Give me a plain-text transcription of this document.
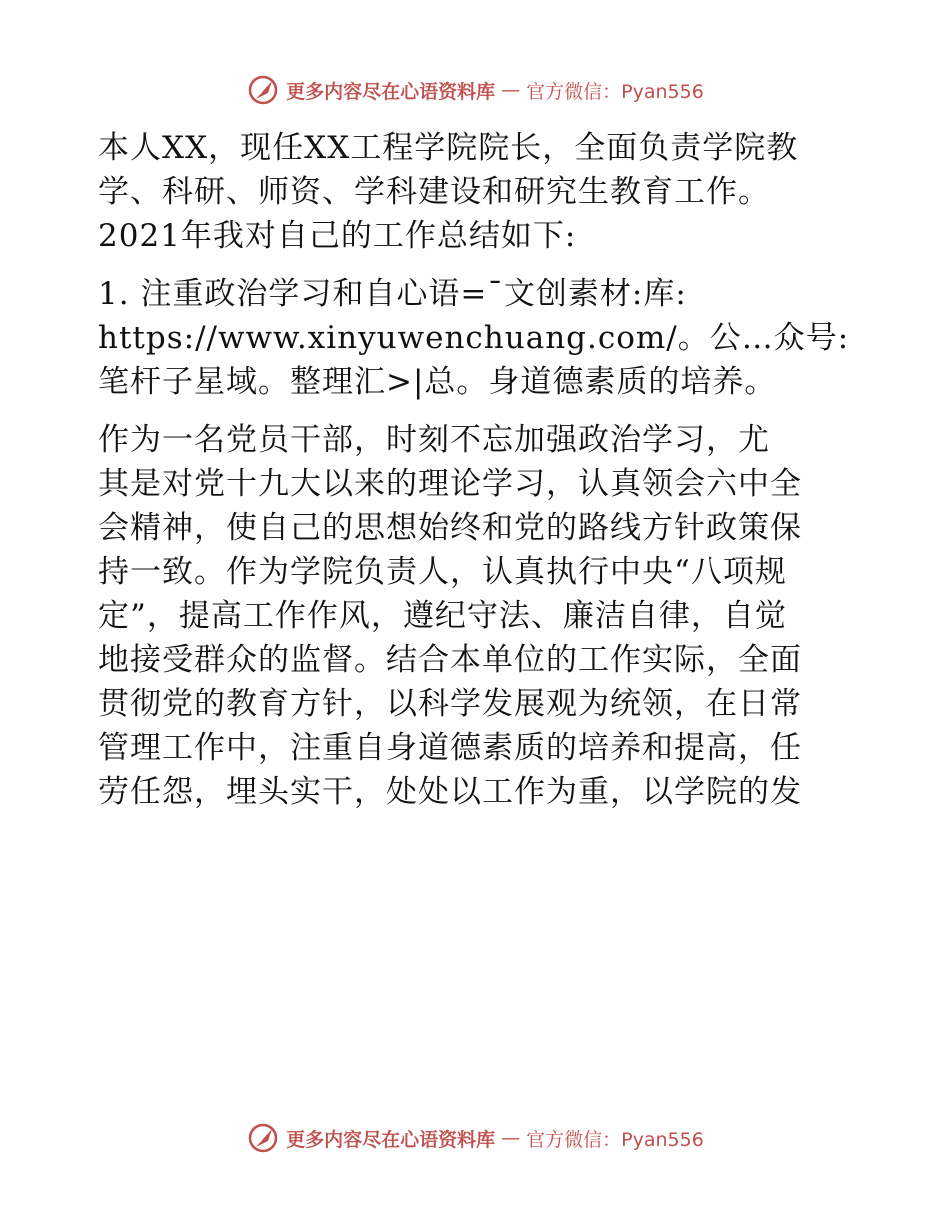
更多内容尽在心语资料库 — 官方微信：Pyan556
本人XX，现任XX工程学院院长，全面负责学院教
学、科研、师资、学科建设和研究生教育工作。
2021年我对自己的工作总结如下:
1. 注重政治学习和自心语=¯文创素材:库:
https://www.xinyuwenchuang.com/。公…众号:
笔杆子星域。整理汇>|总。身道德素质的培养。
作为一名党员干部，时刻不忘加强政治学习，尤
其是对党十九大以来的理论学习，认真领会六中全
会精神，使自己的思想始终和党的路线方针政策保
持一致。作为学院负责人，认真执行中央“八项规
定”，提高工作作风，遵纪守法、廉洁自律，自觉
地接受群众的监督。结合本单位的工作实际，全面
贯彻党的教育方针，以科学发展观为统领，在日常
管理工作中，注重自身道德素质的培养和提高，任
劳任怨，埋头实干，处处以工作为重，以学院的发
更多内容尽在心语资料库 — 官方微信：Pyan556
